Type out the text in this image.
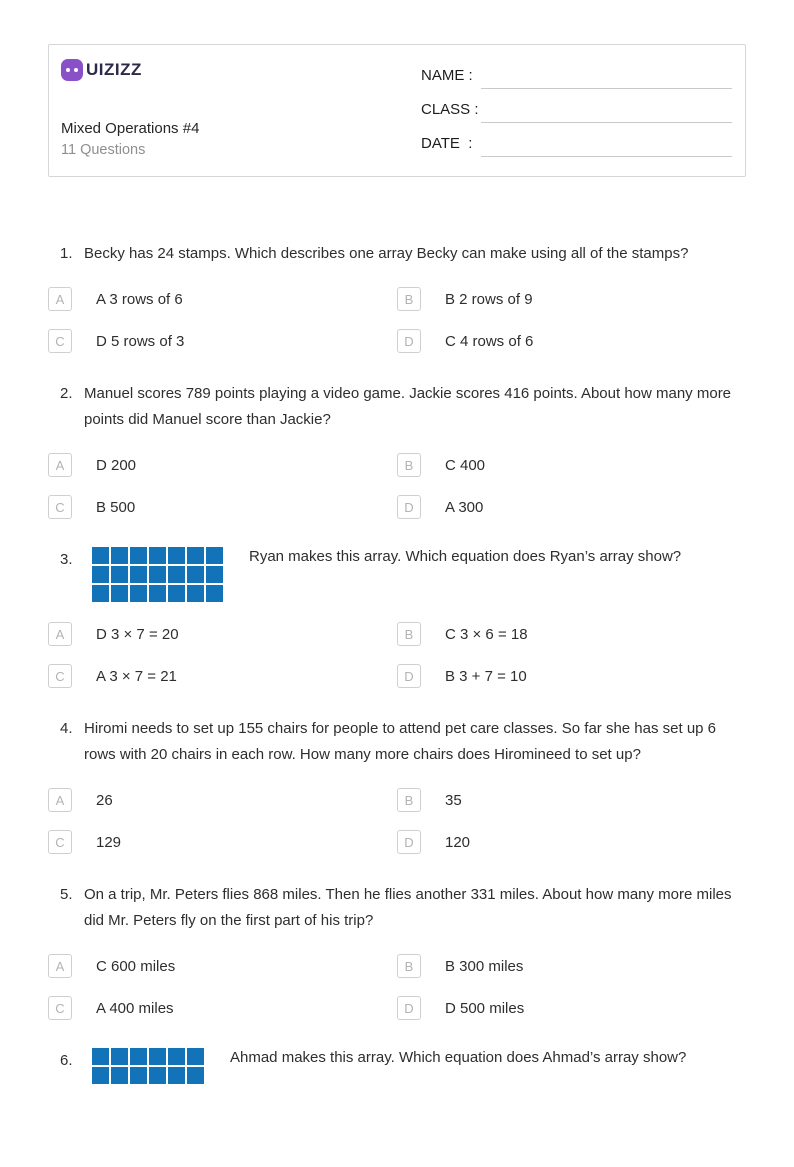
UIZIZZ
Mixed Operations #4
11 Questions
NAME :
CLASS :
DATE  :
1. Becky has 24 stamps. Which describes one array Becky can make using all of the stamps?
A	A 3 rows of 6	B	B 2 rows of 9
C	D 5 rows of 3	D	C 4 rows of 6
2. Manuel scores 789 points playing a video game. Jackie scores 416 points. About how many more points did Manuel score than Jackie?
A	D 200	B	C 400
C	B 500	D	A 300
3.	Ryan makes this array. Which equation does Ryan’s array show?
A	D 3 × 7 = 20	B	C 3 × 6 = 18
C	A 3 × 7 = 21	D	B 3 + 7 = 10
4. Hiromi needs to set up 155 chairs for people to attend pet care classes. So far she has set up 6 rows with 20 chairs in each row. How many more chairs does Hiromineed to set up?
A	26	B	35
C	129	D	120
5. On a trip, Mr. Peters flies 868 miles. Then he flies another 331 miles. About how many more miles did Mr. Peters fly on the first part of his trip?
A	C 600 miles	B	B 300 miles
C	A 400 miles	D	D 500 miles
6.	Ahmad makes this array. Which equation does Ahmad’s array show?
